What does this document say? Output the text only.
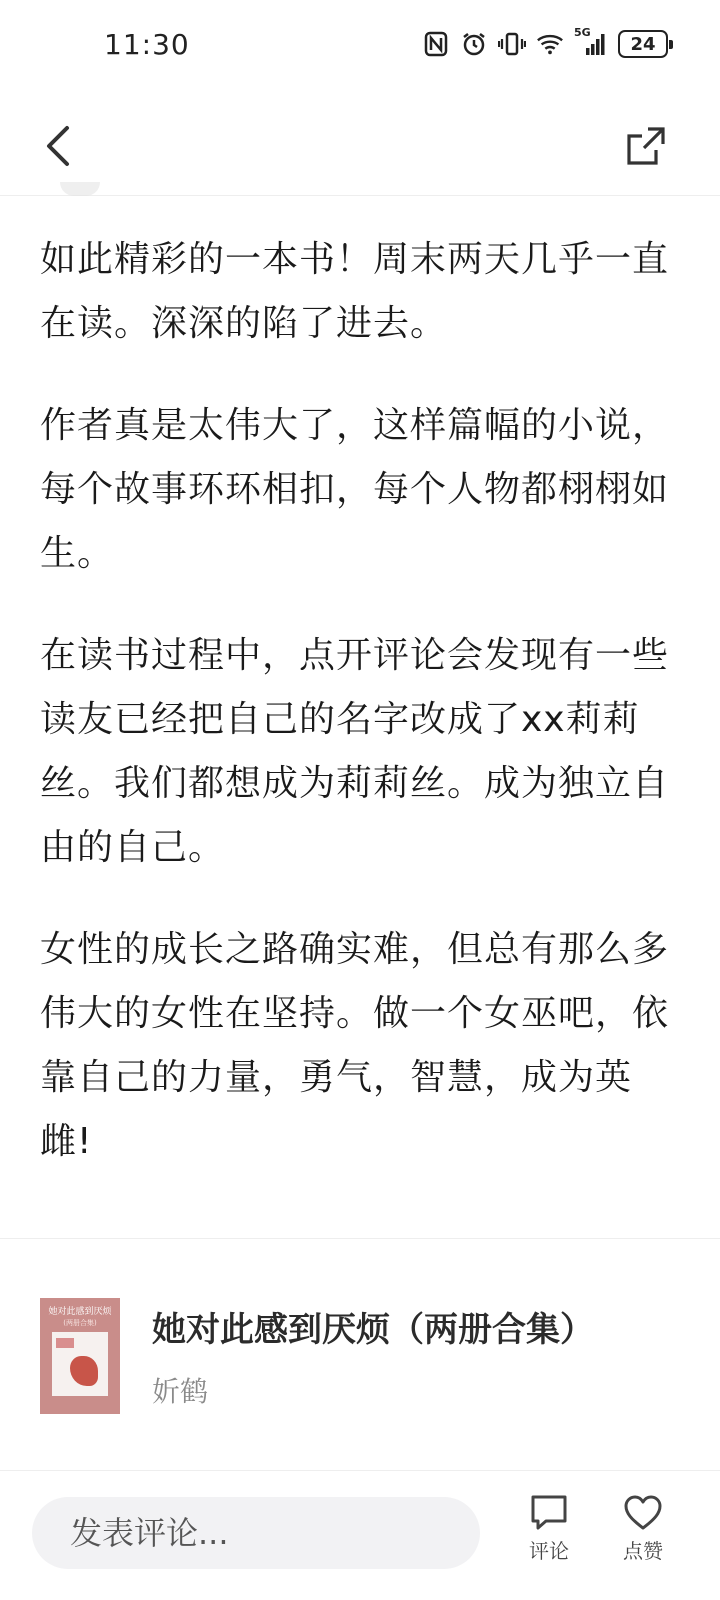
11:30	5G
24

如此精彩的一本书！周末两天几乎一直在读。深深的陷了进去。

作者真是太伟大了，这样篇幅的小说，每个故事环环相扣，每个人物都栩栩如生。

在读书过程中，点开评论会发现有一些读友已经把自己的名字改成了xx莉莉丝。我们都想成为莉莉丝。成为独立自由的自己。

女性的成长之路确实难，但总有那么多伟大的女性在坚持。做一个女巫吧，依靠自己的力量，勇气，智慧，成为英雌!

她对此感到厌烦
(两册合集)	她对此感到厌烦（两册合集）
妡鹤
发表评论...
评论	点赞
